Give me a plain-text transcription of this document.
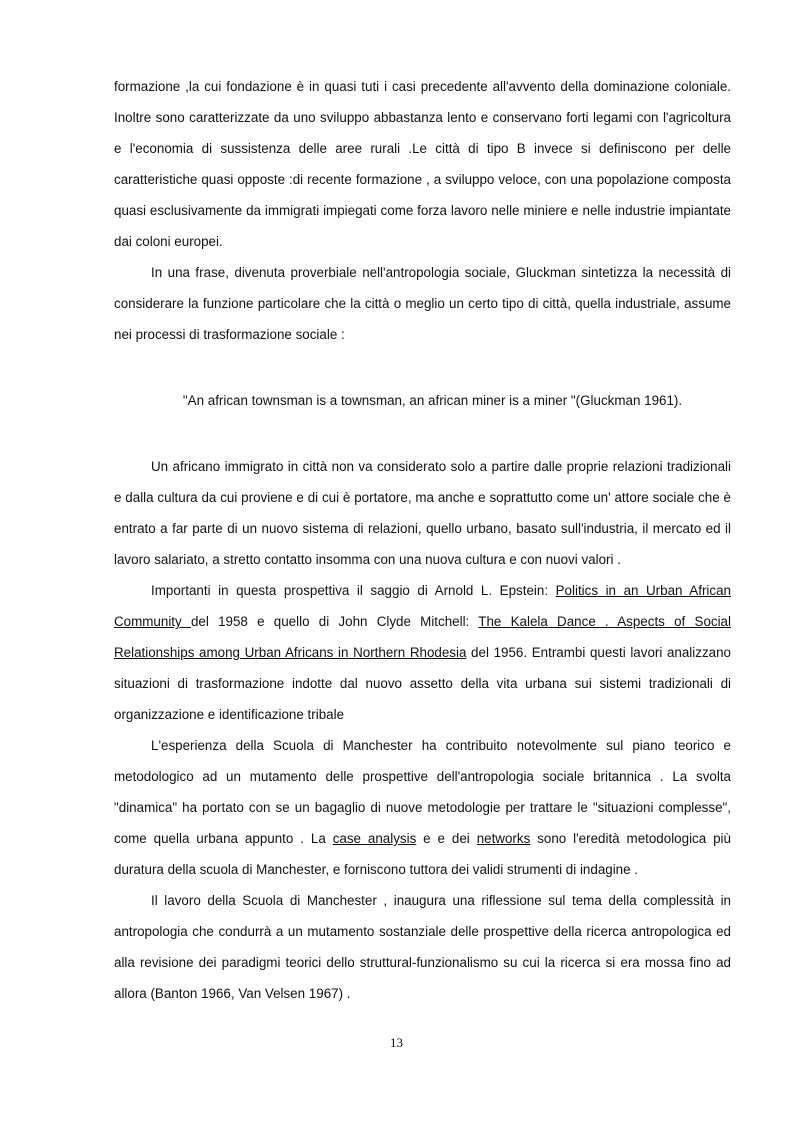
formazione ,la cui fondazione è in quasi tuti i casi precedente all'avvento della dominazione coloniale. Inoltre sono caratterizzate da uno sviluppo abbastanza lento e conservano forti legami con l'agricoltura e l'economia di sussistenza delle aree rurali .Le città di tipo B invece si definiscono per delle caratteristiche quasi opposte :di recente formazione , a sviluppo veloce, con una popolazione composta quasi esclusivamente da immigrati impiegati come forza lavoro nelle miniere e nelle industrie impiantate dai coloni europei.

In una frase, divenuta proverbiale nell'antropologia sociale, Gluckman sintetizza la necessità di considerare la funzione particolare che la città o meglio un certo tipo di città, quella industriale, assume nei processi di trasformazione sociale :

"An african townsman is a townsman, an african miner is a miner "(Gluckman 1961).

Un africano immigrato in città non va considerato solo a partire dalle proprie relazioni tradizionali e dalla cultura da cui proviene e di cui è portatore, ma anche e soprattutto come un' attore sociale che è entrato a far parte di un nuovo sistema di relazioni, quello urbano, basato sull'industria, il mercato ed il lavoro salariato, a stretto contatto insomma con una nuova cultura e con nuovi valori .

Importanti in questa prospettiva il saggio di Arnold L. Epstein: Politics in an Urban African Community del 1958 e quello di John Clyde Mitchell: The Kalela Dance . Aspects of Social Relationships among Urban Africans in Northern Rhodesia del 1956. Entrambi questi lavori analizzano situazioni di trasformazione indotte dal nuovo assetto della vita urbana sui sistemi tradizionali di organizzazione e identificazione tribale

L'esperienza della Scuola di Manchester ha contribuito notevolmente sul piano teorico e metodologico ad un mutamento delle prospettive dell'antropologia sociale britannica . La svolta "dinamica" ha portato con se un bagaglio di nuove metodologie per trattare le "situazioni complesse", come quella urbana appunto . La case analysis e e dei networks sono l'eredità metodologica più duratura della scuola di Manchester, e forniscono tuttora dei validi strumenti di indagine .

Il lavoro della Scuola di Manchester , inaugura una riflessione sul tema della complessità in antropologia che condurrà a un mutamento sostanziale delle prospettive della ricerca antropologica ed alla revisione dei paradigmi teorici dello struttural-funzionalismo su cui la ricerca si era mossa fino ad allora (Banton 1966, Van Velsen 1967) .

13
